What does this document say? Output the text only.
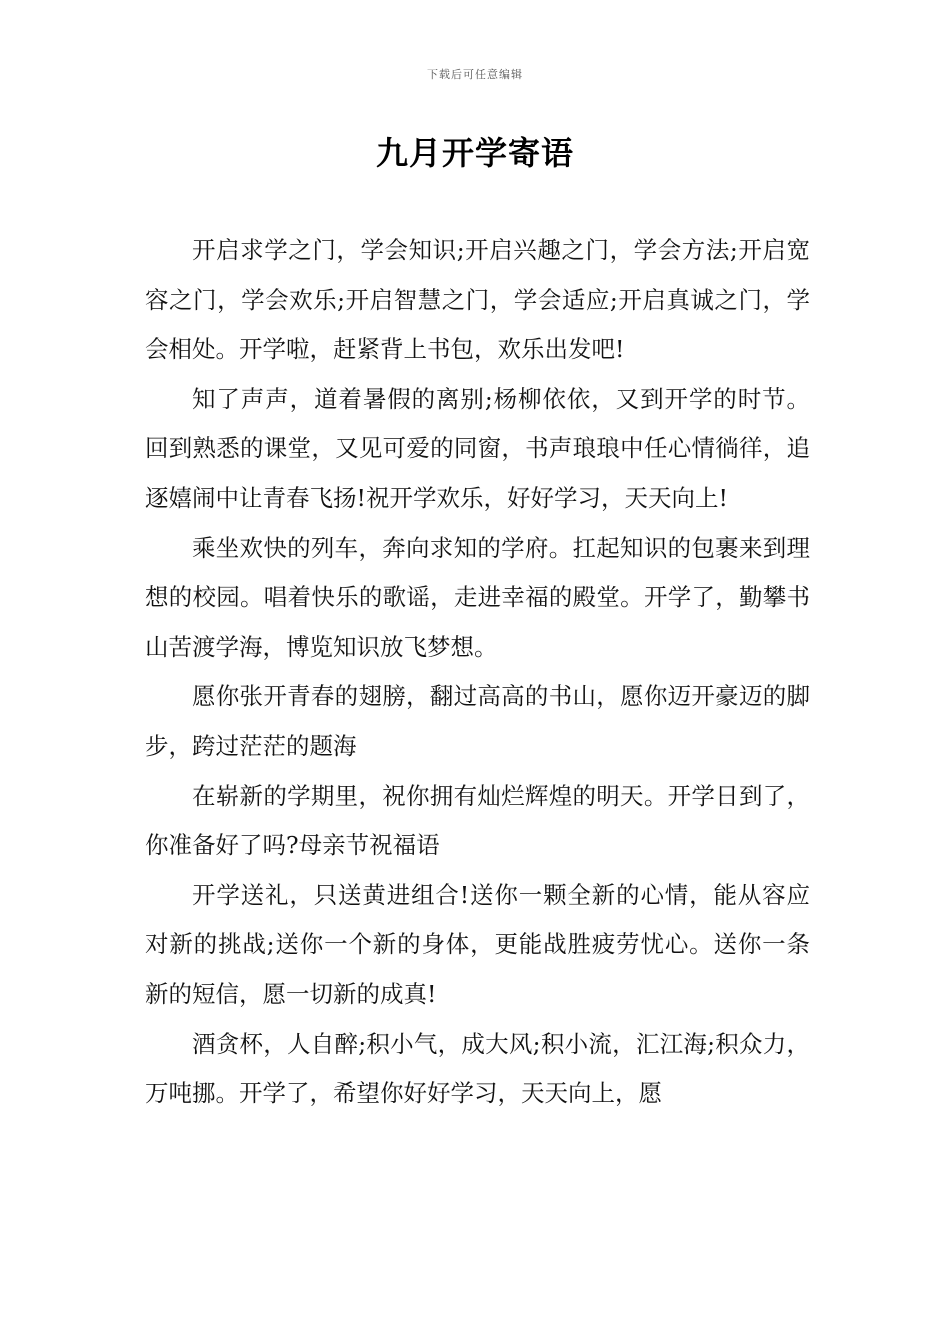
下载后可任意编辑
九月开学寄语

开启求学之门，学会知识;开启兴趣之门，学会方法;开启宽容之门，学会欢乐;开启智慧之门，学会适应;开启真诚之门，学会相处。开学啦，赶紧背上书包，欢乐出发吧!

知了声声，道着暑假的离别;杨柳依依，又到开学的时节。回到熟悉的课堂，又见可爱的同窗，书声琅琅中任心情徜徉，追逐嬉闹中让青春飞扬!祝开学欢乐，好好学习，天天向上!

乘坐欢快的列车，奔向求知的学府。扛起知识的包裹来到理想的校园。唱着快乐的歌谣，走进幸福的殿堂。开学了，勤攀书山苦渡学海，博览知识放飞梦想。

愿你张开青春的翅膀，翻过高高的书山，愿你迈开豪迈的脚步，跨过茫茫的题海

在崭新的学期里，祝你拥有灿烂辉煌的明天。开学日到了，你准备好了吗?母亲节祝福语

开学送礼，只送黄进组合!送你一颗全新的心情，能从容应对新的挑战;送你一个新的身体，更能战胜疲劳忧心。送你一条新的短信，愿一切新的成真!

酒贪杯，人自醉;积小气，成大风;积小流，汇江海;积众力，万吨挪。开学了，希望你好好学习，天天向上，愿
